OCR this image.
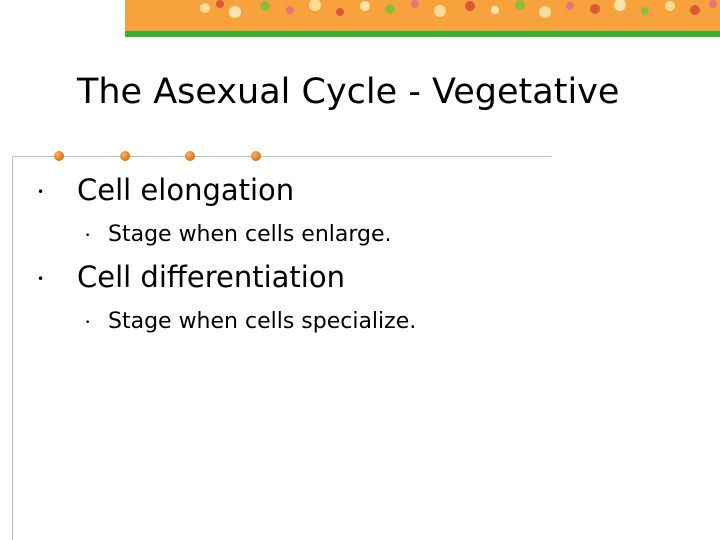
The Asexual Cycle - Vegetative
• Cell elongation
• Stage when cells enlarge.
• Cell differentiation
• Stage when cells specialize.
